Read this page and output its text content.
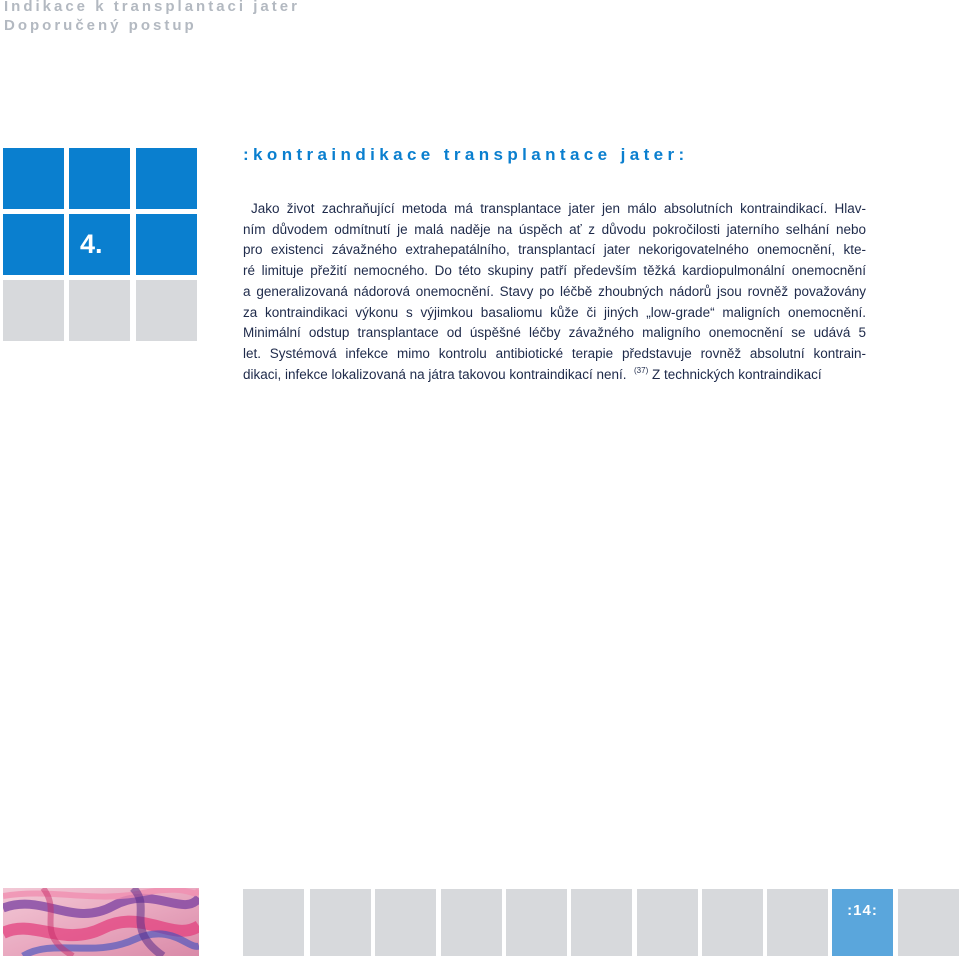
Indikace k transplantaci jater
Doporučený postup
4.
:kontraindikace transplantace jater:

Jako život zachraňující metoda má transplantace jater jen málo absolutních kontraindikací. Hlav-

ním důvodem odmítnutí je malá naděje na úspěch ať z důvodu pokročilosti jaterního selhání nebo

pro existenci závažného extrahepatálního, transplantací jater nekorigovatelného onemocnění, kte-

ré limituje přežití nemocného. Do této skupiny patří především těžká kardiopulmonální onemocnění

a generalizovaná nádorová onemocnění. Stavy po léčbě zhoubných nádorů jsou rovněž považovány

za kontraindikaci výkonu s výjimkou basaliomu kůže či jiných „low-grade“ maligních onemocnění.

Minimální odstup transplantace od úspěšné léčby závažného maligního onemocnění se udává 5

let. Systémová infekce mimo kontrolu antibiotické terapie představuje rovněž absolutní kontrain-

dikaci, infekce lokalizovaná na játra takovou kontraindikací není. $^{(37)}$ Z technických kontraindikací

:14:
